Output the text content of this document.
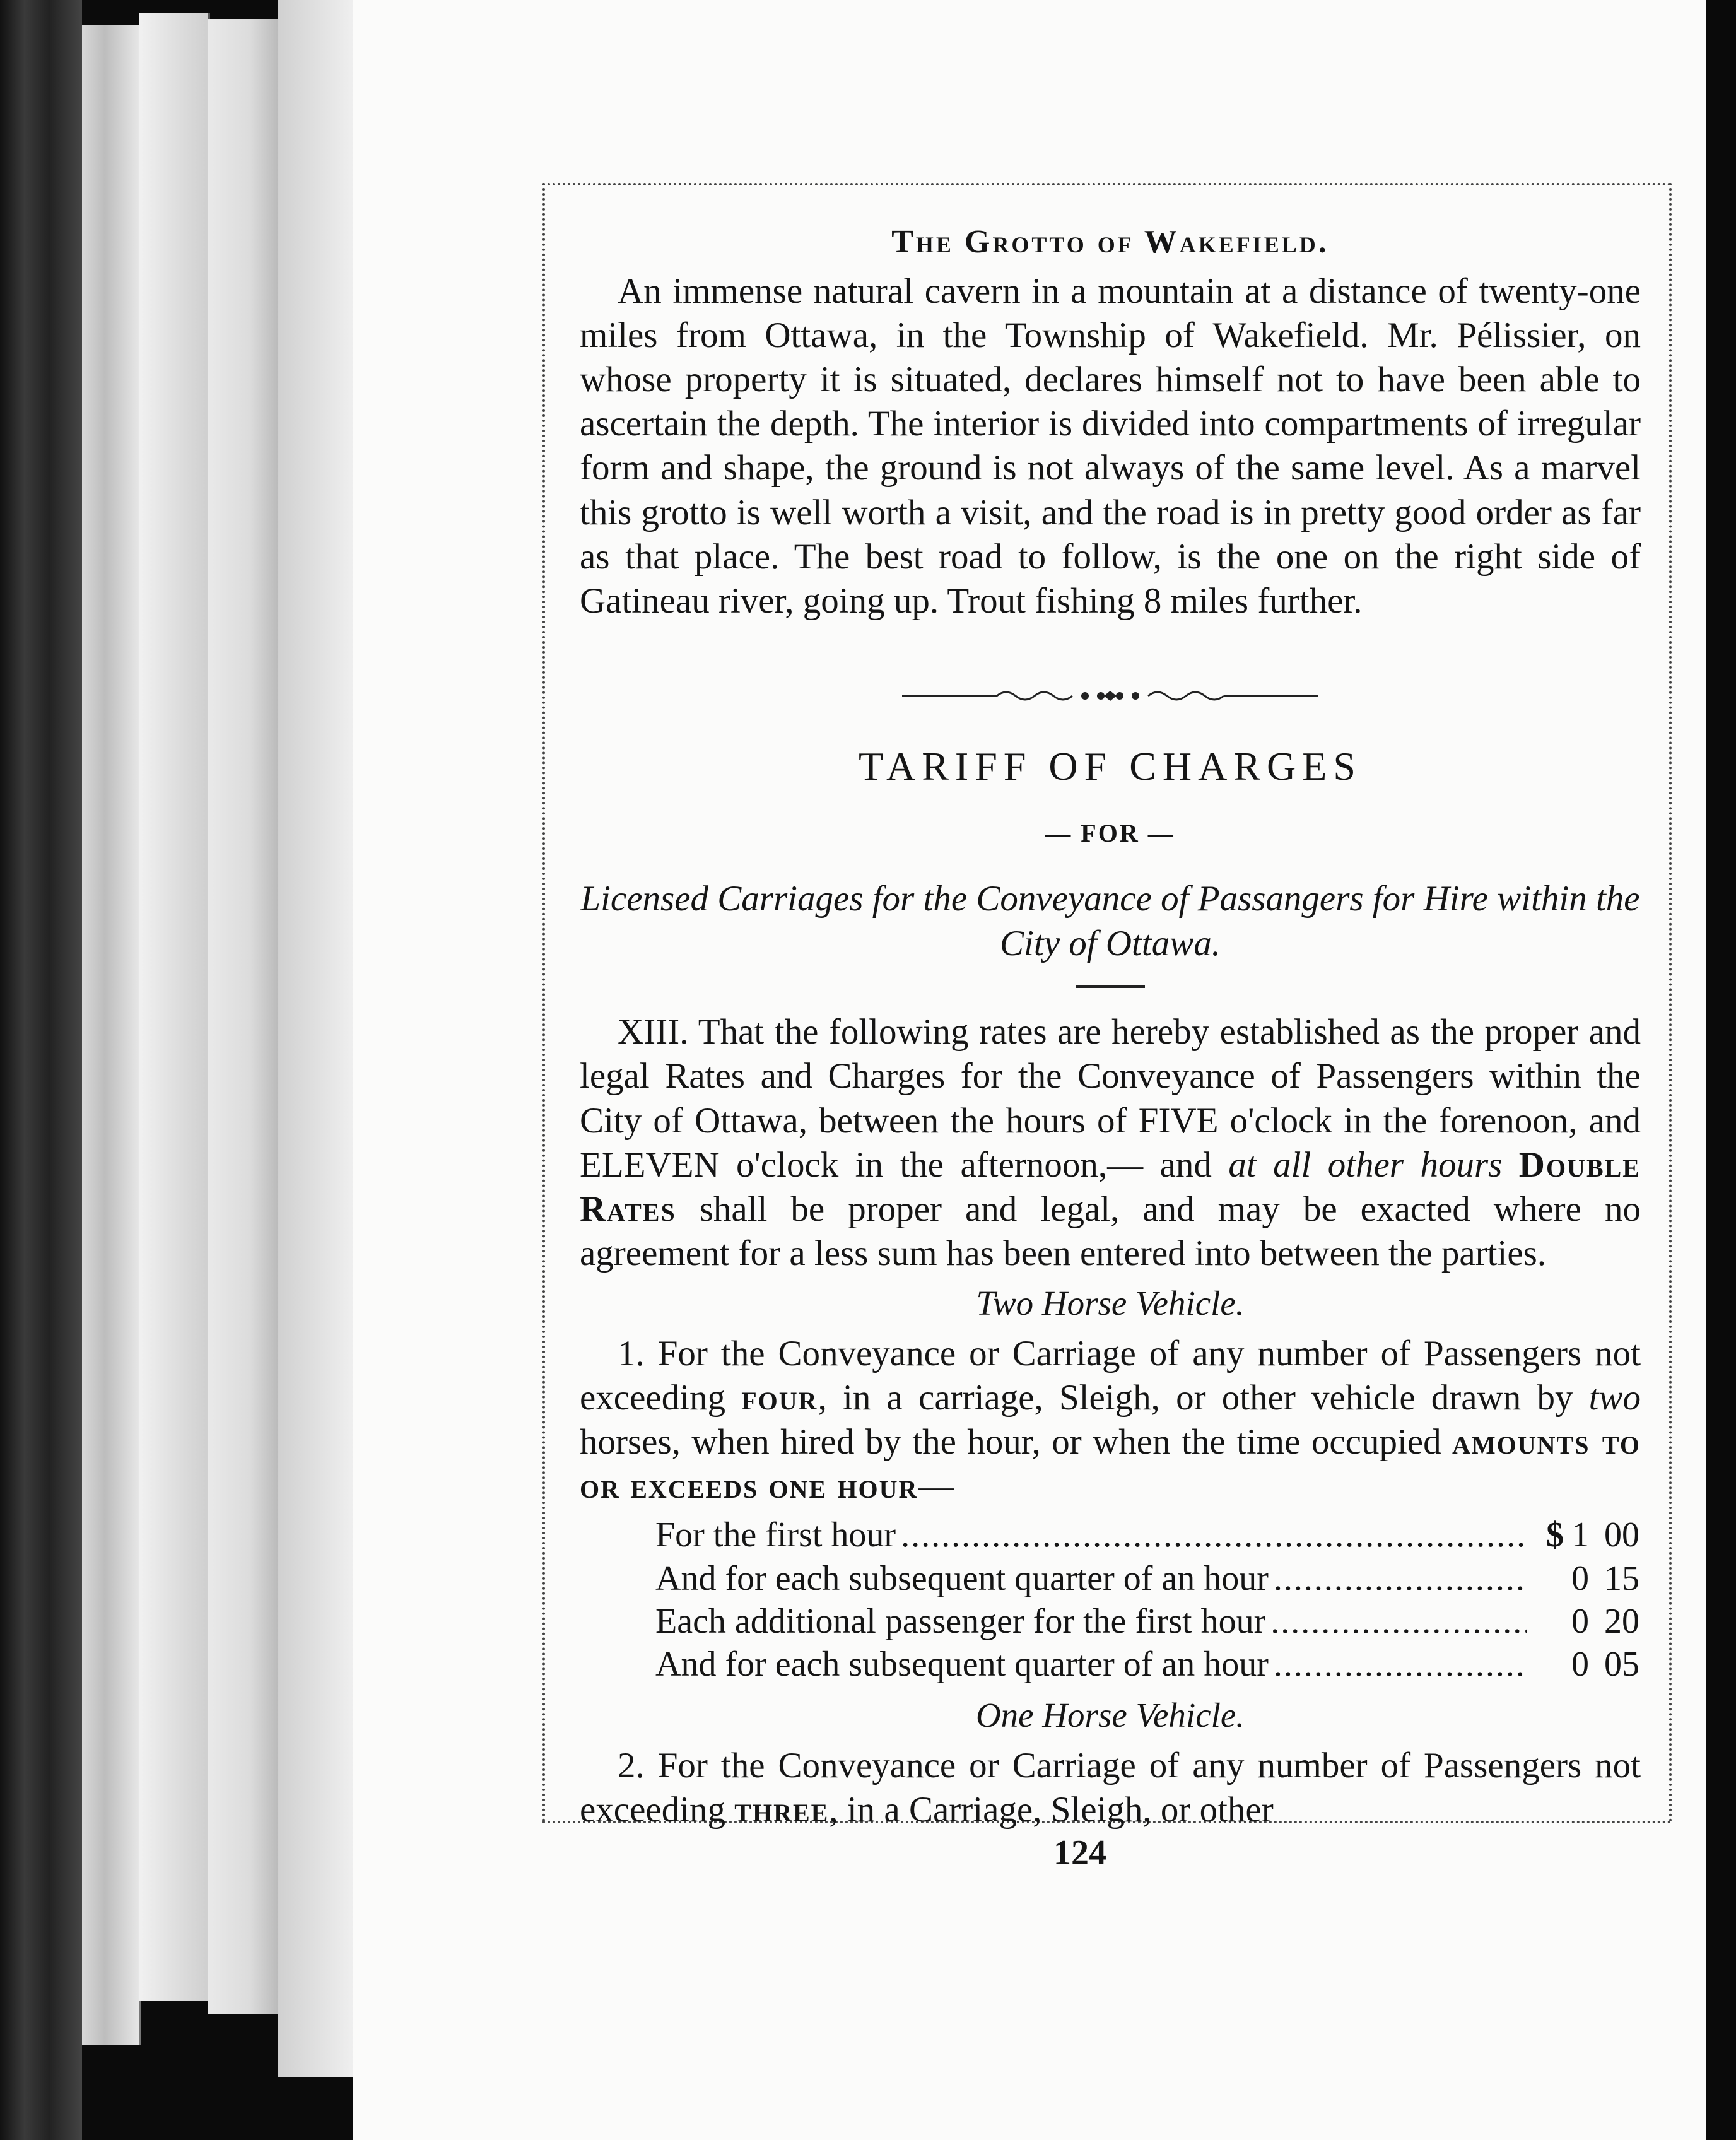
The Grotto of Wakefield.

An immense natural cavern in a mountain at a distance of twenty-one miles from Ottawa, in the Township of Wakefield. Mr. Pélissier, on whose property it is situated, declares himself not to have been able to ascertain the depth. The interior is divided into compartments of irregular form and shape, the ground is not always of the same level. As a marvel this grotto is well worth a visit, and the road is in pretty good order as far as that place. The best road to follow, is the one on the right side of Gatineau river, going up. Trout fishing 8 miles further.

TARIFF OF CHARGES
— FOR —
Licensed Carriages for the Conveyance of Passangers for Hire within the City of Ottawa.

XIII. That the following rates are hereby established as the proper and legal Rates and Charges for the Conveyance of Passengers within the City of Ottawa, between the hours of FIVE o'clock in the forenoon, and ELEVEN o'clock in the afternoon,— and at all other hours Double Rates shall be proper and legal, and may be exacted where no agreement for a less sum has been entered into between the parties.

Two Horse Vehicle.

1. For the Conveyance or Carriage of any number of Passengers not exceeding four, in a carriage, Sleigh, or other vehicle drawn by two horses, when hired by the hour, or when the time occupied amounts to or exceeds one hour—

For the first hour .....	$ 1 00
And for each subsequent quarter of an hour .....	0 15
Each additional passenger for the first hour .....	0 20
And for each subsequent quarter of an hour .....	0 05
One Horse Vehicle.

2. For the Conveyance or Carriage of any number of Passengers not exceeding three, in a Carriage, Sleigh, or other

124
